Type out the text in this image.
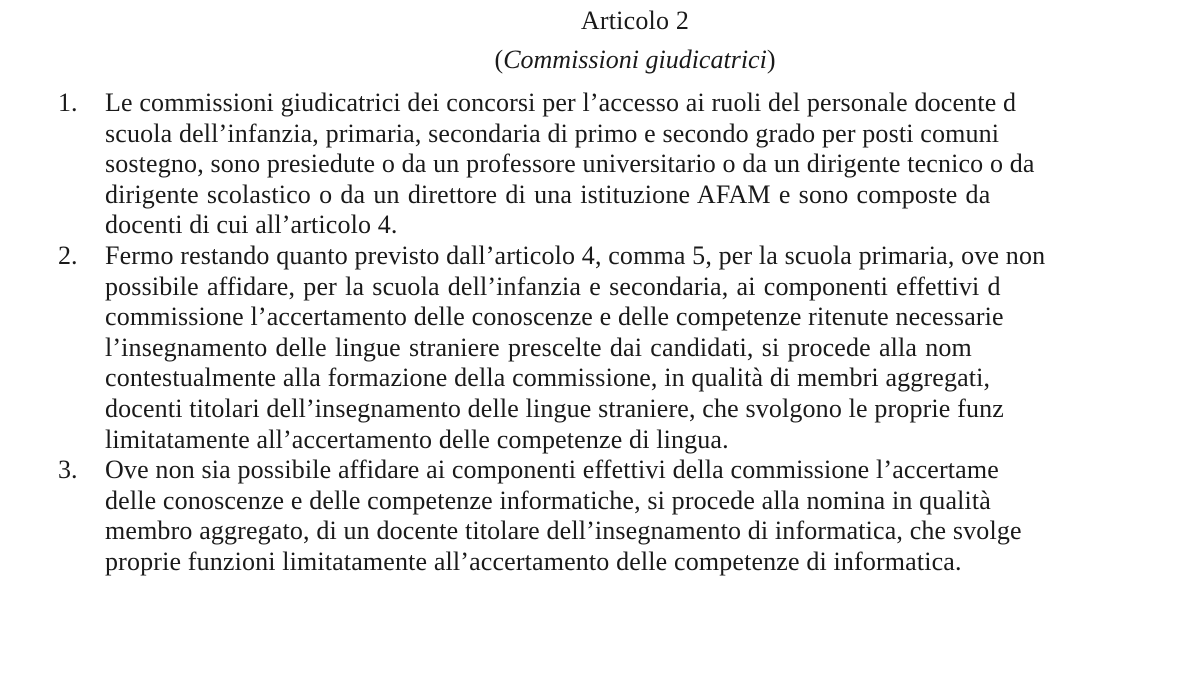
Articolo 2
(Commissioni giudicatrici)
1. Le commissioni giudicatrici dei concorsi per l’accesso ai ruoli del personale docente d
scuola dell’infanzia, primaria, secondaria di primo e secondo grado per posti comuni
sostegno, sono presiedute o da un professore universitario o da un dirigente tecnico o da
dirigente scolastico o da un direttore di una istituzione AFAM e sono composte da
docenti di cui all’articolo 4.
2. Fermo restando quanto previsto dall’articolo 4, comma 5, per la scuola primaria, ove non
possibile affidare, per la scuola dell’infanzia e secondaria, ai componenti effettivi d
commissione l’accertamento delle conoscenze e delle competenze ritenute necessarie
l’insegnamento delle lingue straniere prescelte dai candidati, si procede alla nom
contestualmente alla formazione della commissione, in qualità di membri aggregati,
docenti titolari dell’insegnamento delle lingue straniere, che svolgono le proprie funz
limitatamente all’accertamento delle competenze di lingua.
3. Ove non sia possibile affidare ai componenti effettivi della commissione l’accertame
delle conoscenze e delle competenze informatiche, si procede alla nomina in qualità
membro aggregato, di un docente titolare dell’insegnamento di informatica, che svolge
proprie funzioni limitatamente all’accertamento delle competenze di informatica.
